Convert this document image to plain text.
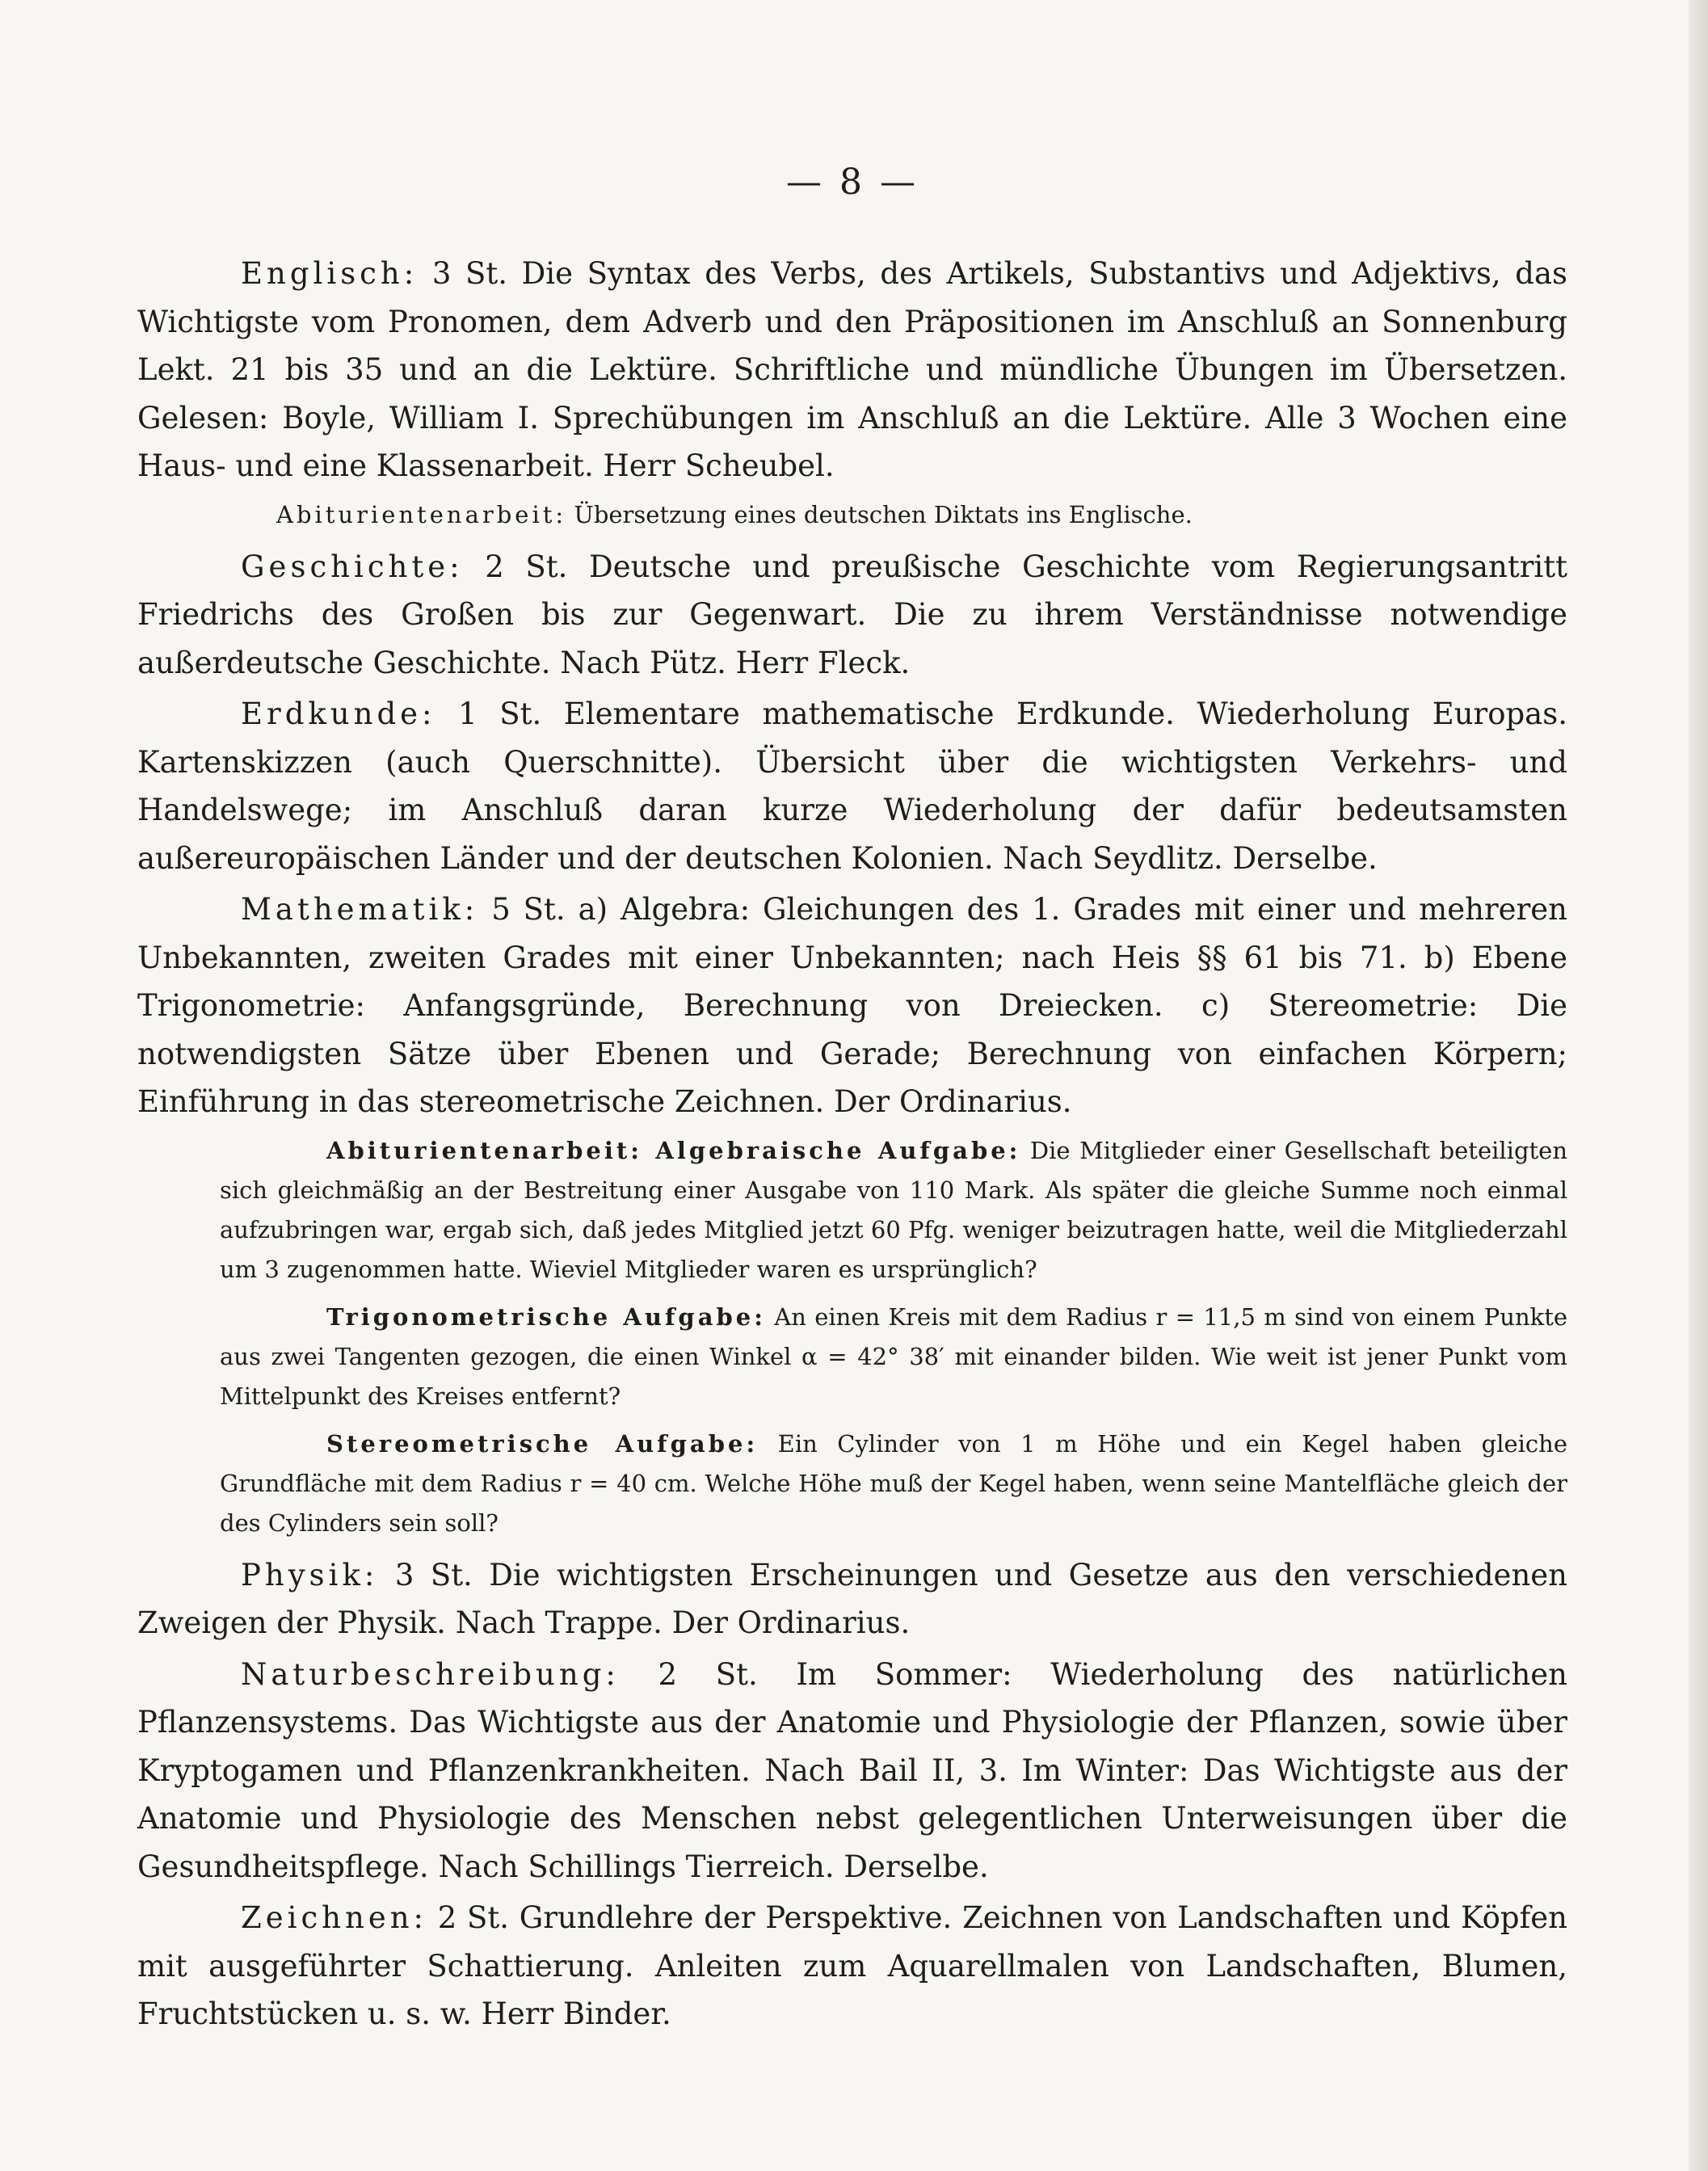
— 8 —

Englisch: 3 St. Die Syntax des Verbs, des Artikels, Substantivs und Adjektivs, das Wichtigste vom Pronomen, dem Adverb und den Präpositionen im Anschluß an Sonnenburg Lekt. 21 bis 35 und an die Lektüre. Schriftliche und mündliche Übungen im Übersetzen. Gelesen: Boyle, William I. Sprechübungen im Anschluß an die Lektüre. Alle 3 Wochen eine Haus- und eine Klassenarbeit. Herr Scheubel.

Abiturientenarbeit: Übersetzung eines deutschen Diktats ins Englische.

Geschichte: 2 St. Deutsche und preußische Geschichte vom Regierungsantritt Friedrichs des Großen bis zur Gegenwart. Die zu ihrem Verständnisse notwendige außerdeutsche Geschichte. Nach Pütz. Herr Fleck.

Erdkunde: 1 St. Elementare mathematische Erdkunde. Wiederholung Europas. Kartenskizzen (auch Querschnitte). Übersicht über die wichtigsten Verkehrs- und Handelswege; im Anschluß daran kurze Wiederholung der dafür bedeutsamsten außereuropäischen Länder und der deutschen Kolonien. Nach Seydlitz. Derselbe.

Mathematik: 5 St. a) Algebra: Gleichungen des 1. Grades mit einer und mehreren Unbekannten, zweiten Grades mit einer Unbekannten; nach Heis §§ 61 bis 71. b) Ebene Trigonometrie: Anfangsgründe, Berechnung von Dreiecken. c) Stereometrie: Die notwendigsten Sätze über Ebenen und Gerade; Berechnung von einfachen Körpern; Einführung in das stereometrische Zeichnen. Der Ordinarius.

Abiturientenarbeit: Algebraische Aufgabe: Die Mitglieder einer Gesellschaft beteiligten sich gleichmäßig an der Bestreitung einer Ausgabe von 110 Mark. Als später die gleiche Summe noch einmal aufzubringen war, ergab sich, daß jedes Mitglied jetzt 60 Pfg. weniger beizutragen hatte, weil die Mitgliederzahl um 3 zugenommen hatte. Wieviel Mitglieder waren es ursprünglich?

Trigonometrische Aufgabe: An einen Kreis mit dem Radius r = 11,5 m sind von einem Punkte aus zwei Tangenten gezogen, die einen Winkel α = 42° 38′ mit einander bilden. Wie weit ist jener Punkt vom Mittelpunkt des Kreises entfernt?

Stereometrische Aufgabe: Ein Cylinder von 1 m Höhe und ein Kegel haben gleiche Grundfläche mit dem Radius r = 40 cm. Welche Höhe muß der Kegel haben, wenn seine Mantelfläche gleich der des Cylinders sein soll?

Physik: 3 St. Die wichtigsten Erscheinungen und Gesetze aus den verschiedenen Zweigen der Physik. Nach Trappe. Der Ordinarius.

Naturbeschreibung: 2 St. Im Sommer: Wiederholung des natürlichen Pflanzensystems. Das Wichtigste aus der Anatomie und Physiologie der Pflanzen, sowie über Kryptogamen und Pflanzenkrankheiten. Nach Bail II, 3. Im Winter: Das Wichtigste aus der Anatomie und Physiologie des Menschen nebst gelegentlichen Unterweisungen über die Gesundheitspflege. Nach Schillings Tierreich. Derselbe.

Zeichnen: 2 St. Grundlehre der Perspektive. Zeichnen von Landschaften und Köpfen mit ausgeführter Schattierung. Anleiten zum Aquarellmalen von Landschaften, Blumen, Fruchtstücken u. s. w. Herr Binder.
